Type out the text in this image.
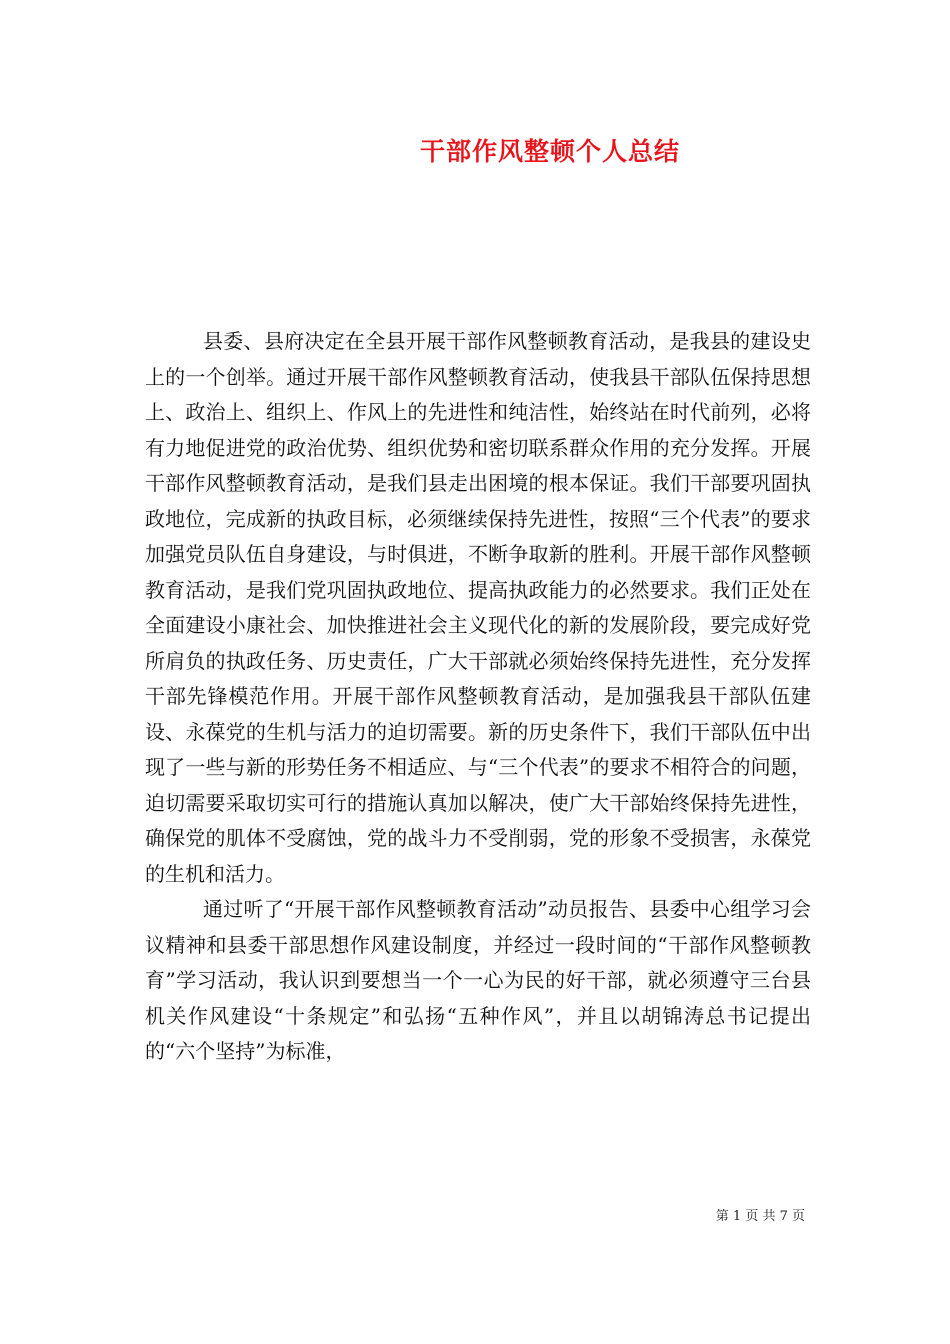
干部作风整顿个人总结

县委、县府决定在全县开展干部作风整顿教育活动，是我县的建设史上的一个创举。通过开展干部作风整顿教育活动，使我县干部队伍保持思想上、政治上、组织上、作风上的先进性和纯洁性，始终站在时代前列，必将有力地促进党的政治优势、组织优势和密切联系群众作用的充分发挥。开展干部作风整顿教育活动，是我们县走出困境的根本保证。我们干部要巩固执政地位，完成新的执政目标，必须继续保持先进性，按照“三个代表”的要求加强党员队伍自身建设，与时俱进，不断争取新的胜利。开展干部作风整顿教育活动，是我们党巩固执政地位、提高执政能力的必然要求。我们正处在全面建设小康社会、加快推进社会主义现代化的新的发展阶段，要完成好党所肩负的执政任务、历史责任，广大干部就必须始终保持先进性，充分发挥干部先锋模范作用。开展干部作风整顿教育活动，是加强我县干部队伍建设、永葆党的生机与活力的迫切需要。新的历史条件下，我们干部队伍中出现了一些与新的形势任务不相适应、与“三个代表”的要求不相符合的问题，迫切需要采取切实可行的措施认真加以解决，使广大干部始终保持先进性，确保党的肌体不受腐蚀，党的战斗力不受削弱，党的形象不受损害，永葆党的生机和活力。

通过听了“开展干部作风整顿教育活动”动员报告、县委中心组学习会议精神和县委干部思想作风建设制度，并经过一段时间的“干部作风整顿教育”学习活动，我认识到要想当一个一心为民的好干部，就必须遵守三台县机关作风建设“十条规定”和弘扬“五种作风”，并且以胡锦涛总书记提出的“六个坚持”为标准，

第 1 页 共 7 页
